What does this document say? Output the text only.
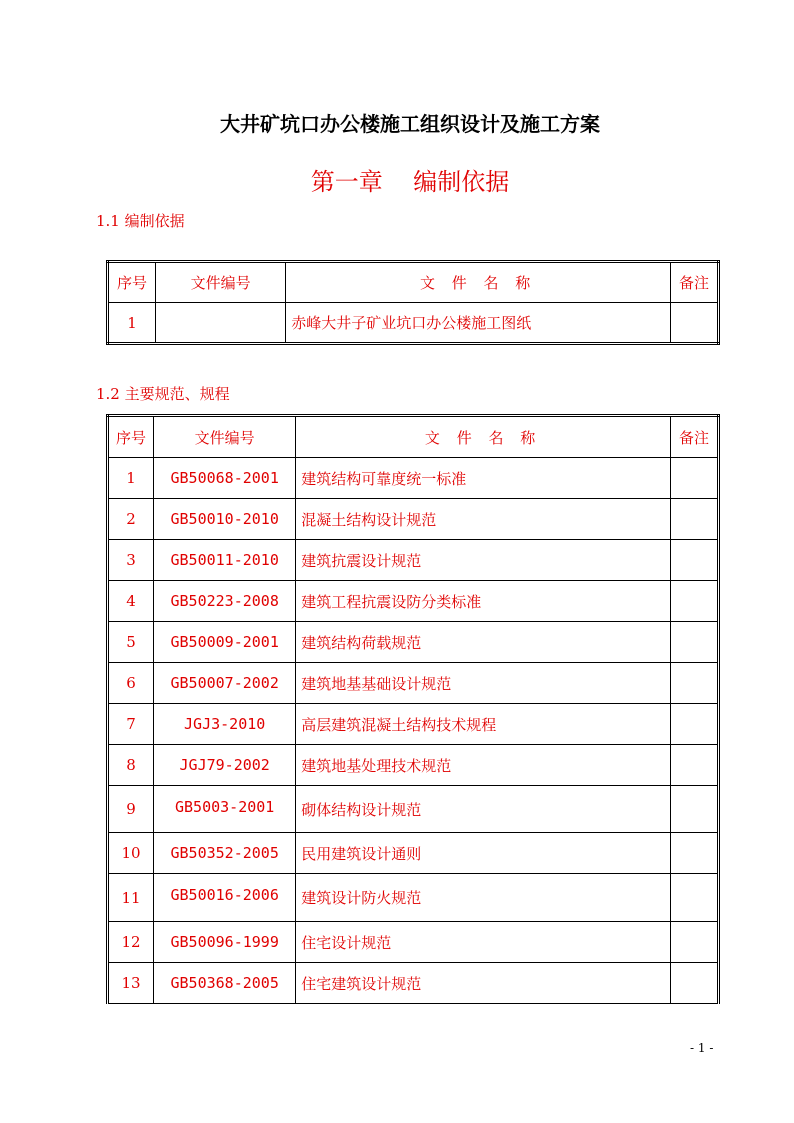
大井矿坑口办公楼施工组织设计及施工方案
第一章    编制依据
1.1 编制依据
序号	文件编号	文 件 名 称	备注
1		赤峰大井子矿业坑口办公楼施工图纸	
1.2 主要规范、规程
序号	文件编号	文 件 名 称	备注
1	GB50068-2001	建筑结构可靠度统一标准	
2	GB50010-2010	混凝土结构设计规范	
3	GB50011-2010	建筑抗震设计规范	
4	GB50223-2008	建筑工程抗震设防分类标准	
5	GB50009-2001	建筑结构荷载规范	
6	GB50007-2002	建筑地基基础设计规范	
7	JGJ3-2010	高层建筑混凝土结构技术规程	
8	JGJ79-2002	建筑地基处理技术规范	
9	GB5003-2001	砌体结构设计规范	
10	GB50352-2005	民用建筑设计通则	
11	GB50016-2006	建筑设计防火规范	
12	GB50096-1999	住宅设计规范	
13	GB50368-2005	住宅建筑设计规范	
- 1 -
